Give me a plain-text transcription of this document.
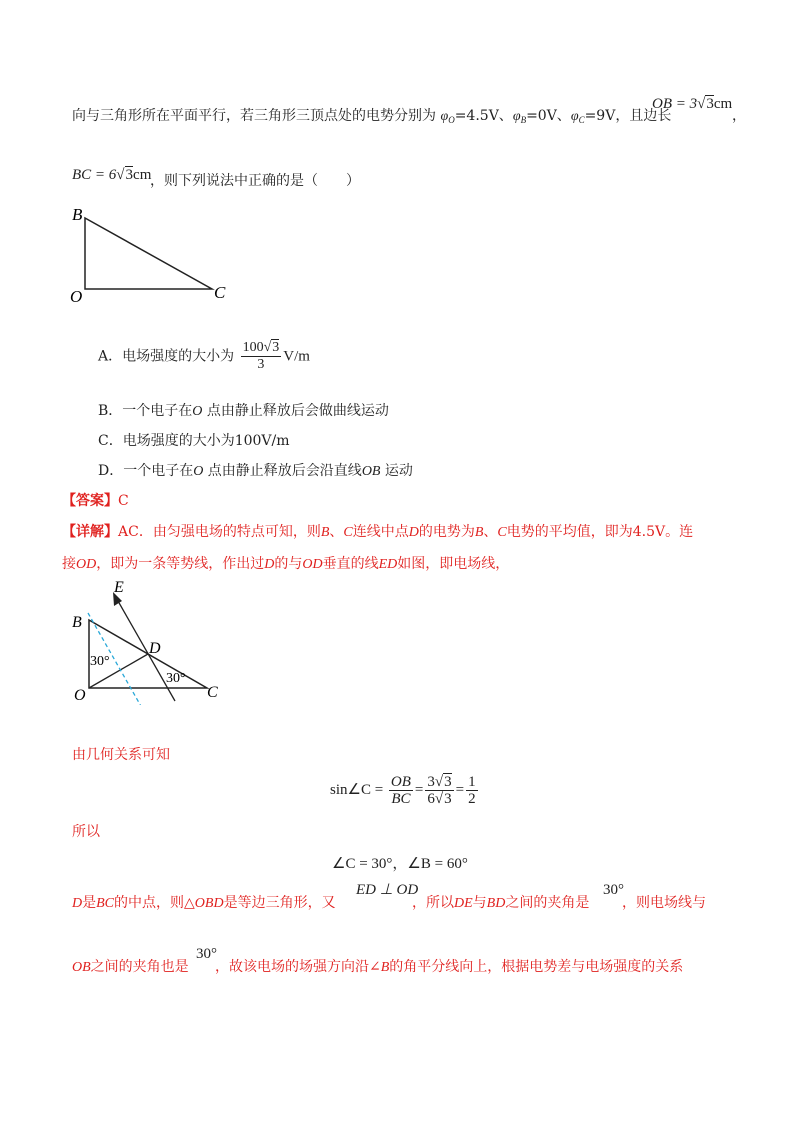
向与三角形所在平面平行，若三角形三顶点处的电势分别为 $\varphi_O=4.5V$、$\varphi_B=0V$、$\varphi_C=9V$，且边长
OB = 3√3cm
，
BC = 6√3cm
，则下列说法中正确的是（　　）
B
O	C
A．电场强度的大小为 $\frac{100√3}{3} V/m$
B．一个电子在O 点由静止释放后会做曲线运动
C．电场强度的大小为100V/m
D．一个电子在O 点由静止释放后会沿直线OB 运动
【答案】C
【详解】AC．由匀强电场的特点可知，则B、C连线中点D的电势为B、C电势的平均值，即为4.5V。连
接OD，即为一条等势线，作出过D的与OD垂直的线ED如图，即电场线，
E
B
D
O	C
30°
30°
由几何关系可知
sin∠C = $\frac{OB}{BC} = \frac{3√3}{6√3} = \frac{1}{2}$
所以
∠C = 30°，∠B = 60°
D是BC的中点，则△OBD是等边三角形，又
ED ⊥ OD
，所以DE与BD之间的夹角是
30°
，则电场线与
OB之间的夹角也是
30°
，故该电场的场强方向沿∠B的角平分线向上，根据电势差与电场强度的关系
